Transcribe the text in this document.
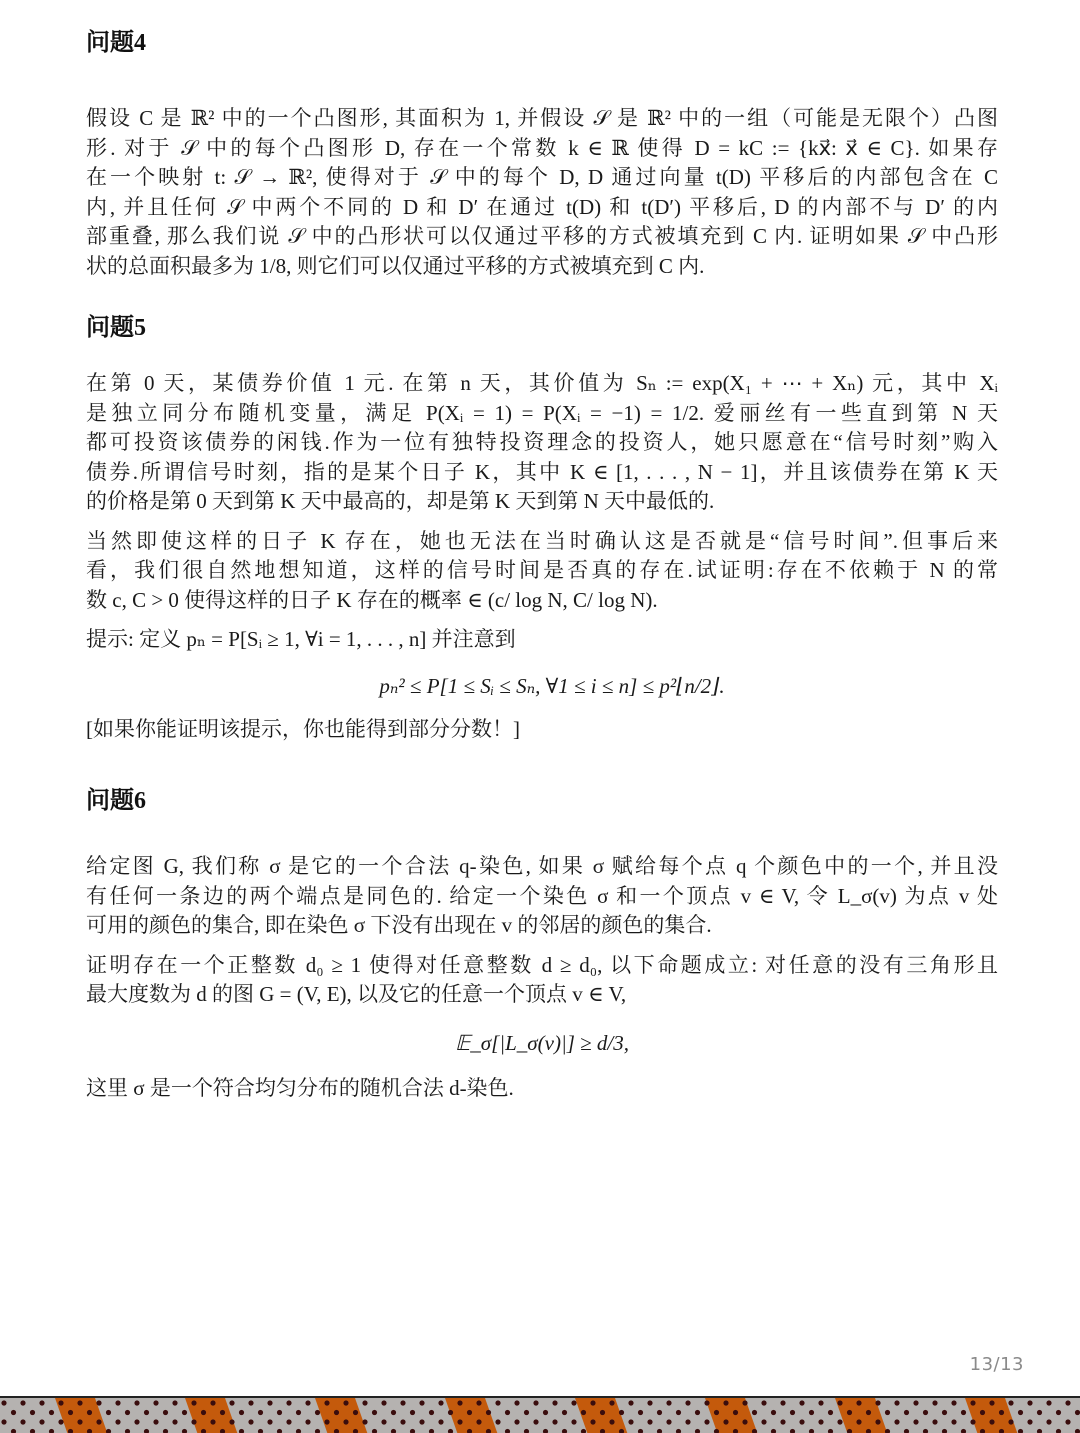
问题4
假设 C 是 ℝ² 中的一个凸图形, 其面积为 1, 并假设 𝒮 是 ℝ² 中的一组（可能是无限个）凸图
形. 对于 𝒮 中的每个凸图形 D, 存在一个常数 k ∈ ℝ 使得 D = kC := {kx⃗: x⃗ ∈ C}. 如果存
在一个映射 t: 𝒮 → ℝ², 使得对于 𝒮 中的每个 D, D 通过向量 t(D) 平移后的内部包含在 C
内, 并且任何 𝒮 中两个不同的 D 和 D′ 在通过 t(D) 和 t(D′) 平移后, D 的内部不与 D′ 的内
部重叠, 那么我们说 𝒮 中的凸形状可以仅通过平移的方式被填充到 C 内. 证明如果 𝒮 中凸形
状的总面积最多为 1/8, 则它们可以仅通过平移的方式被填充到 C 内.
问题5
在第 0 天，某债券价值 1 元. 在第 n 天，其价值为 Sₙ := exp(X₁ + ⋯ + Xₙ) 元，其中 Xᵢ
是独立同分布随机变量，满足 P(Xᵢ = 1) = P(Xᵢ = −1) = 1/2. 爱丽丝有一些直到第 N 天
都可投资该债券的闲钱.作为一位有独特投资理念的投资人，她只愿意在“信号时刻”购入
债券.所谓信号时刻，指的是某个日子 K，其中 K ∈ [1, . . . , N − 1]，并且该债券在第 K 天
的价格是第 0 天到第 K 天中最高的，却是第 K 天到第 N 天中最低的.
当然即使这样的日子 K 存在，她也无法在当时确认这是否就是“信号时间”.但事后来
看，我们很自然地想知道，这样的信号时间是否真的存在.试证明:存在不依赖于 N 的常
数 c, C > 0 使得这样的日子 K 存在的概率 ∈ (c/ log N, C/ log N).
提示: 定义 pₙ = P[Sᵢ ≥ 1, ∀i = 1, . . . , n] 并注意到
pₙ² ≤ P[1 ≤ Sᵢ ≤ Sₙ, ∀1 ≤ i ≤ n] ≤ p²⌊n/2⌋.
[如果你能证明该提示，你也能得到部分分数！]
问题6
给定图 G, 我们称 σ 是它的一个合法 q-染色, 如果 σ 赋给每个点 q 个颜色中的一个, 并且没
有任何一条边的两个端点是同色的. 给定一个染色 σ 和一个顶点 v ∈ V, 令 L_σ(v) 为点 v 处
可用的颜色的集合, 即在染色 σ 下没有出现在 v 的邻居的颜色的集合.
证明存在一个正整数 d₀ ≥ 1 使得对任意整数 d ≥ d₀, 以下命题成立: 对任意的没有三角形且
最大度数为 d 的图 G = (V, E), 以及它的任意一个顶点 v ∈ V,
𝔼_σ[|L_σ(v)|] ≥ d/3,
这里 σ 是一个符合均匀分布的随机合法 d-染色.
13/13
